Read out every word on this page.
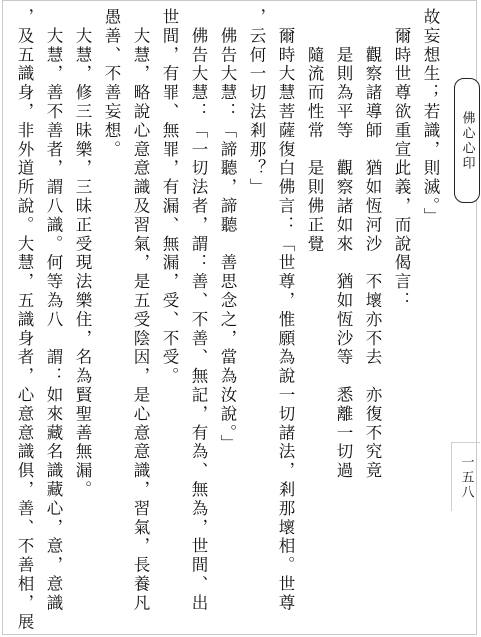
故妄想生；若識，則滅。」
　爾時世尊欲重宣此義，而說偈言：
　　觀察諸導師　猶如恆河沙　不壞亦不去　亦復不究竟
　　是則為平等　觀察諸如來　猶如恆沙等　悉離一切過
　　隨流而性常　是則佛正覺
　爾時大慧菩薩復白佛言：「世尊，惟願為說一切諸法，剎那壞相。世尊
，云何一切法剎那？」
　佛告大慧：「諦聽，諦聽　善思念之，當為汝說。」
　佛告大慧：「一切法者，謂：善、不善、無記，有為、無為，世間、出
世間，有罪、無罪，有漏、無漏，受、不受。
　大慧，略說心意意識及習氣，是五受陰因，是心意意識，習氣，長養凡
愚善、不善妄想。
　大慧，修三昧樂，三昧正受現法樂住，名為賢聖善無漏。
　大慧，善不善者，謂八識。何等為八　謂：如來藏名識藏心，意，意識
，及五識身，非外道所說。大慧，五識身者，心意意識俱，善、不善相，展	佛心心印
一五八
